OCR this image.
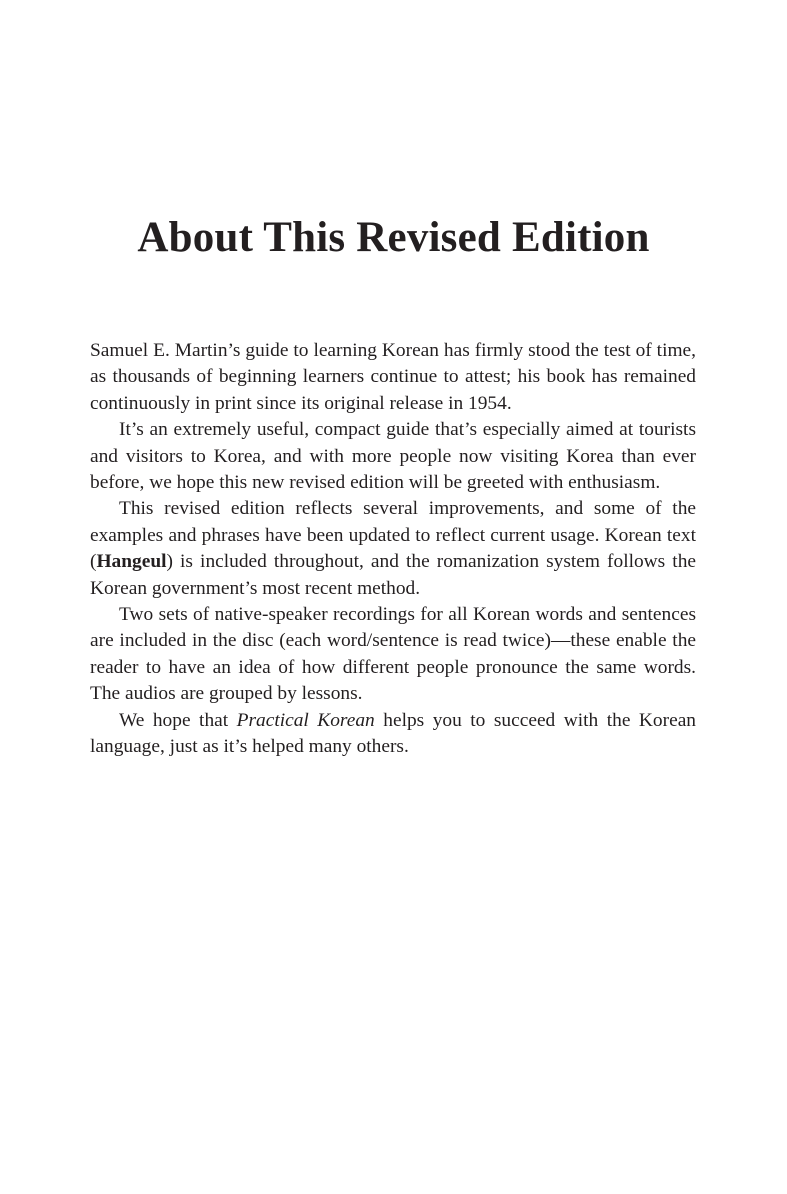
About This Revised Edition

Samuel E. Martin’s guide to learning Korean has firmly stood the test of time, as thousands of beginning learners continue to attest; his book has remained continuously in print since its original release in 1954.

It’s an extremely useful, compact guide that’s especially aimed at tourists and visitors to Korea, and with more people now visiting Korea than ever before, we hope this new revised edition will be greeted with enthusiasm.

This revised edition reflects several improvements, and some of the examples and phrases have been updated to reflect current usage. Korean text (Hangeul) is included throughout, and the romanization system follows the Korean government’s most recent method.

Two sets of native-speaker recordings for all Korean words and sentences are included in the disc (each word/sentence is read twice)—these enable the reader to have an idea of how different people pronounce the same words. The audios are grouped by lessons.

We hope that Practical Korean helps you to succeed with the Korean language, just as it’s helped many others.
